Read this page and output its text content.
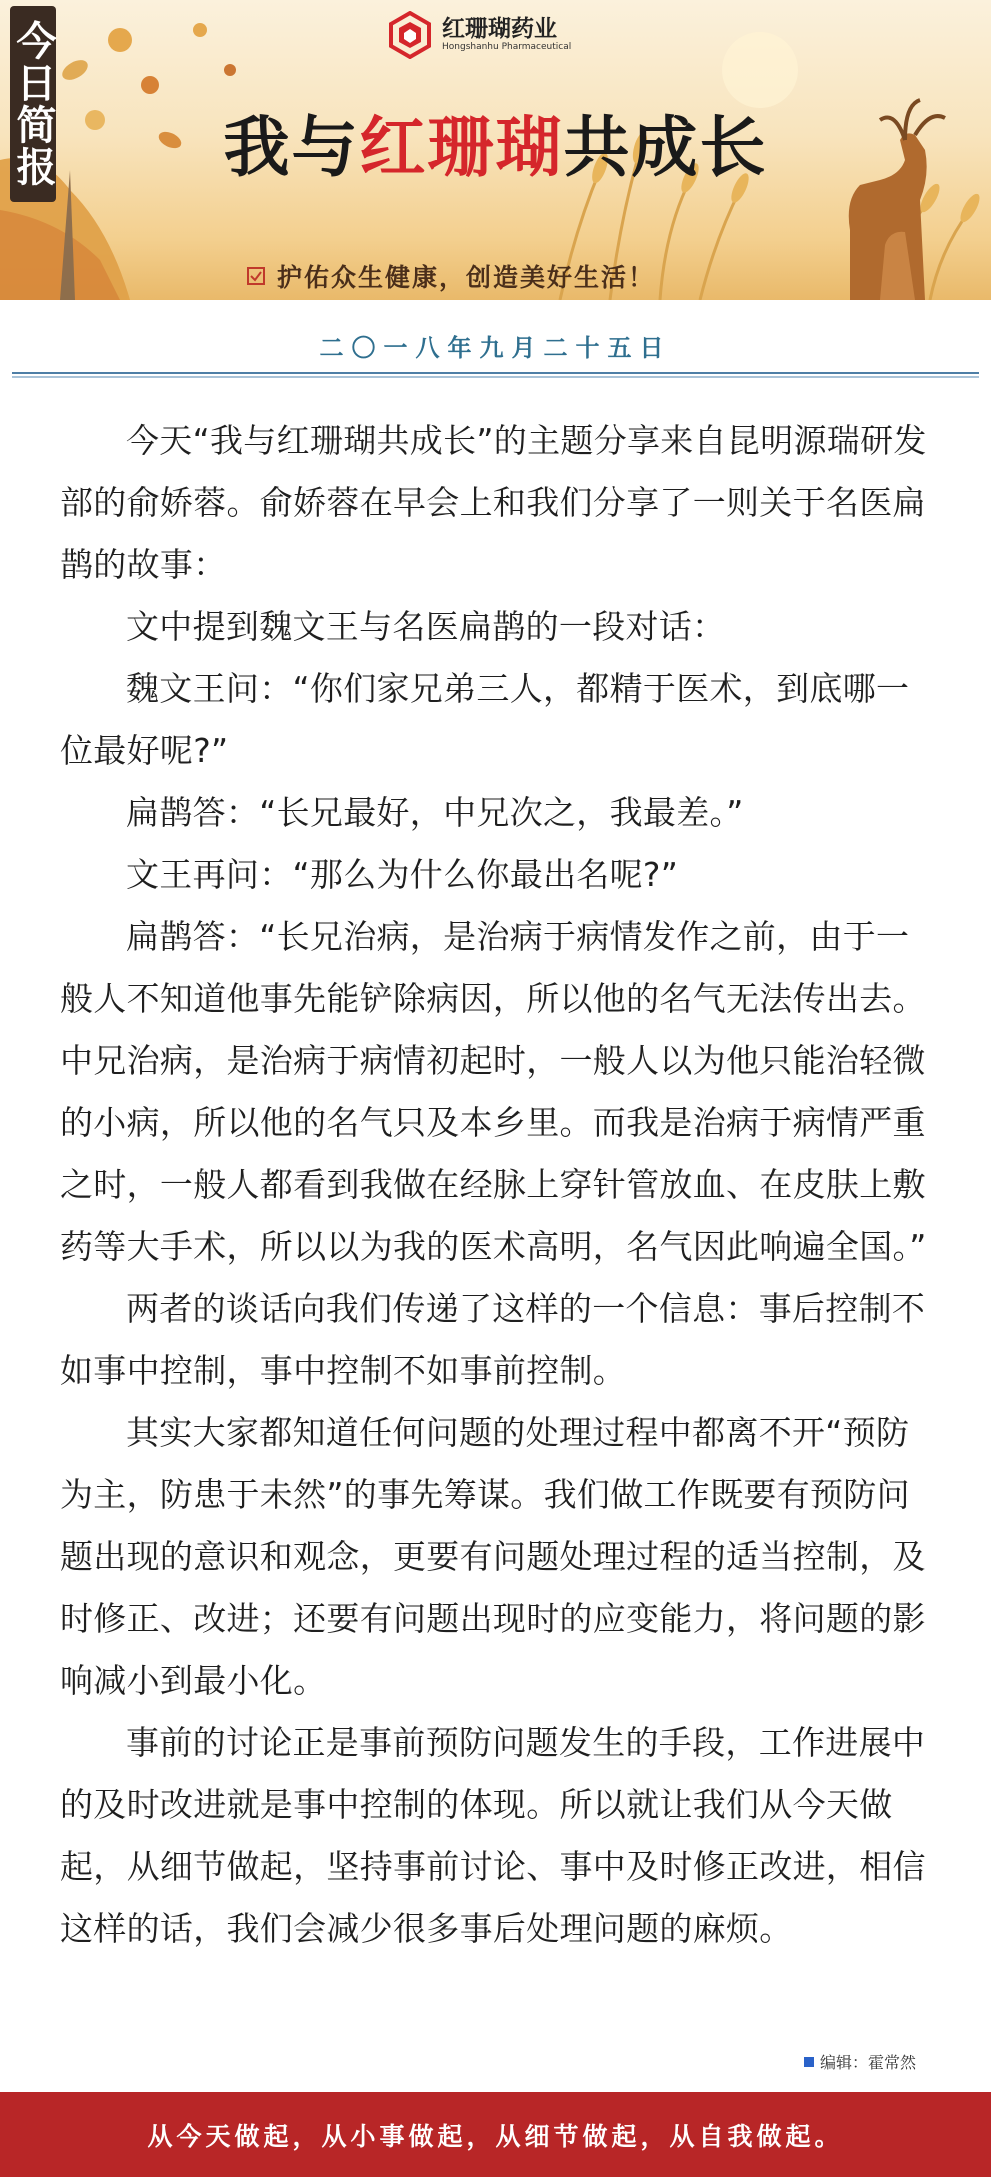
今日简报	红珊瑚药业
Hongshanhu Pharmaceutical
我与红珊瑚共成长
护佑众生健康，创造美好生活！
二〇一八年九月二十五日

今天“我与红珊瑚共成长”的主题分享来自昆明源瑞研发部的俞娇蓉。俞娇蓉在早会上和我们分享了一则关于名医扁鹊的故事：

文中提到魏文王与名医扁鹊的一段对话：

魏文王问：“你们家兄弟三人，都精于医术，到底哪一位最好呢?”

扁鹊答：“长兄最好，中兄次之，我最差。”

文王再问：“那么为什么你最出名呢?”

扁鹊答：“长兄治病，是治病于病情发作之前，由于一般人不知道他事先能铲除病因，所以他的名气无法传出去。中兄治病，是治病于病情初起时，一般人以为他只能治轻微的小病，所以他的名气只及本乡里。而我是治病于病情严重之时，一般人都看到我做在经脉上穿针管放血、在皮肤上敷药等大手术，所以以为我的医术高明，名气因此响遍全国。”

两者的谈话向我们传递了这样的一个信息：事后控制不如事中控制，事中控制不如事前控制。

其实大家都知道任何问题的处理过程中都离不开“预防为主，防患于未然”的事先筹谋。我们做工作既要有预防问题出现的意识和观念，更要有问题处理过程的适当控制，及时修正、改进；还要有问题出现时的应变能力，将问题的影响减小到最小化。

事前的讨论正是事前预防问题发生的手段，工作进展中的及时改进就是事中控制的体现。所以就让我们从今天做起，从细节做起，坚持事前讨论、事中及时修正改进，相信这样的话，我们会减少很多事后处理问题的麻烦。

编辑：霍常然
从今天做起，从小事做起，从细节做起，从自我做起。
